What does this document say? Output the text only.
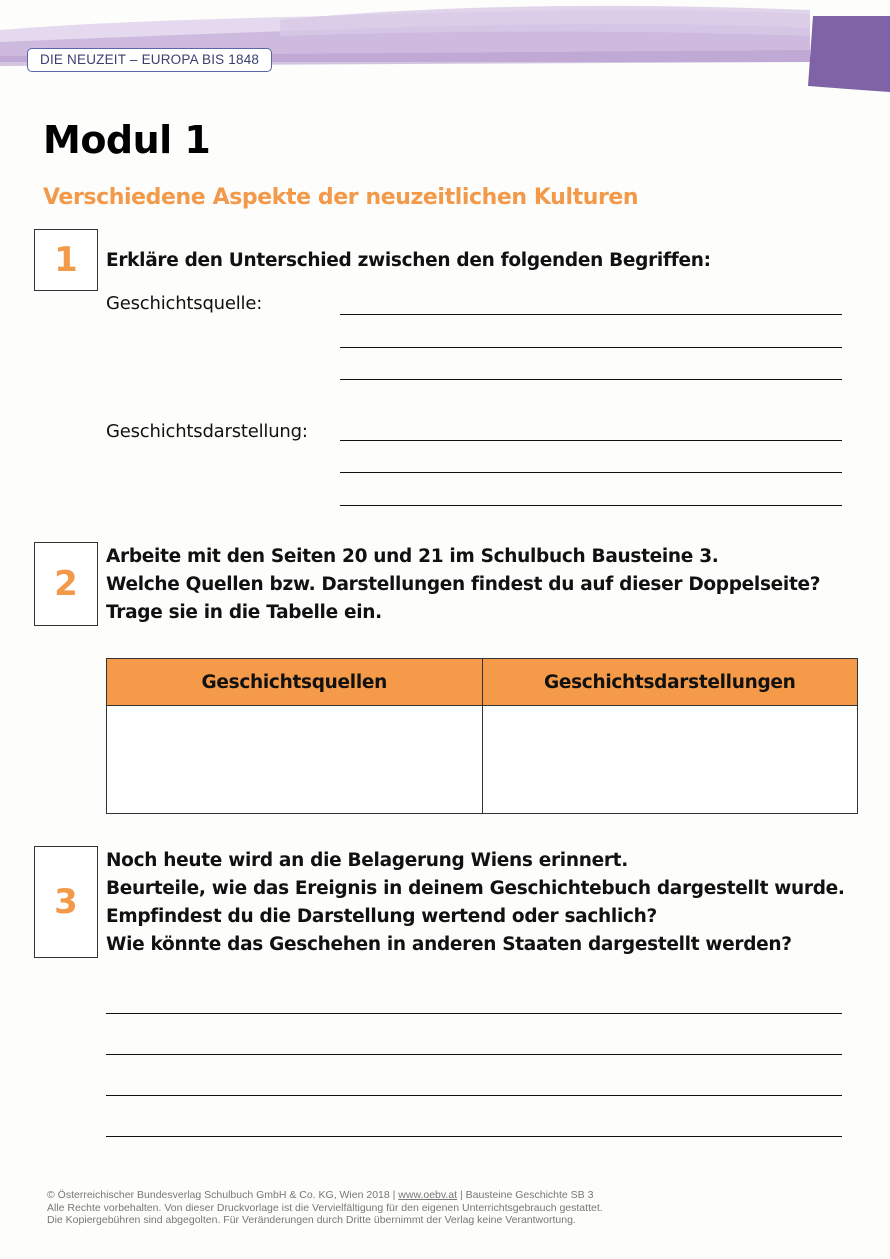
DIE NEUZEIT – EUROPA BIS 1848
Modul 1
Verschiedene Aspekte der neuzeitlichen Kulturen
1	Erkläre den Unterschied zwischen den folgenden Begriffen:
Geschichtsquelle:
Geschichtsdarstellung:
2
Arbeite mit den Seiten 20 und 21 im Schulbuch Bausteine 3.
Welche Quellen bzw. Darstellungen findest du auf dieser Doppelseite?
Trage sie in die Tabelle ein.
Geschichtsquellen	Geschichtsdarstellungen
3
Noch heute wird an die Belagerung Wiens erinnert.
Beurteile, wie das Ereignis in deinem Geschichtebuch dargestellt wurde.
Empfindest du die Darstellung wertend oder sachlich?
Wie könnte das Geschehen in anderen Staaten dargestellt werden?
© Österreichischer Bundesverlag Schulbuch GmbH & Co. KG, Wien 2018 | www.oebv.at | Bausteine Geschichte SB 3
Alle Rechte vorbehalten. Von dieser Druckvorlage ist die Vervielfältigung für den eigenen Unterrichtsgebrauch gestattet.
Die Kopiergebühren sind abgegolten. Für Veränderungen durch Dritte übernimmt der Verlag keine Verantwortung.
